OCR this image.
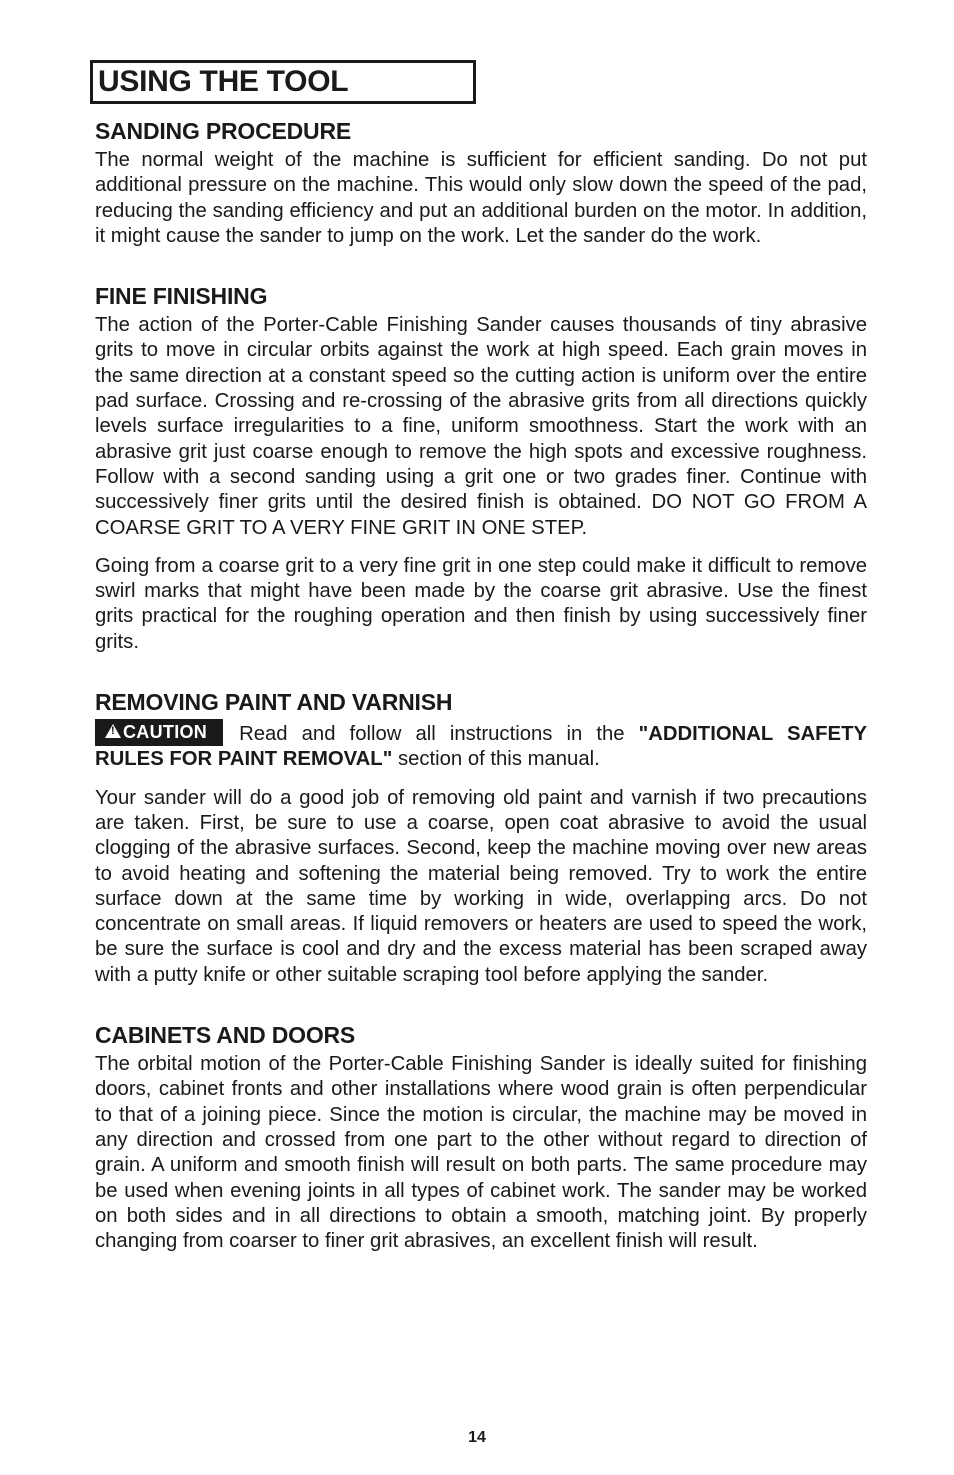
USING THE TOOL
SANDING PROCEDURE

The normal weight of the machine is sufficient for efficient sanding. Do not put additional pressure on the machine. This would only slow down the speed of the pad, reducing the sanding efficiency and put an additional burden on the motor. In addition, it might cause the sander to jump on the work. Let the sander do the work.

FINE FINISHING

The action of the Porter-Cable Finishing Sander causes thousands of tiny abrasive grits to move in circular orbits against the work at high speed. Each grain moves in the same direction at a constant speed so the cutting action is uniform over the entire pad surface. Crossing and re-crossing of the abrasive grits from all directions quickly levels surface irregularities to a fine, uniform smoothness. Start the work with an abrasive grit just coarse enough to remove the high spots and excessive roughness. Follow with a second sanding using a grit one or two grades finer. Continue with successively finer grits until the desired finish is obtained. DO NOT GO FROM A COARSE GRIT TO A VERY FINE GRIT IN ONE STEP.

Going from a coarse grit to a very fine grit in one step could make it difficult to remove swirl marks that might have been made by the coarse grit abrasive. Use the finest grits practical for the roughing operation and then finish by using successively finer grits.

REMOVING PAINT AND VARNISH

!CAUTION Read and follow all instructions in the "ADDITIONAL SAFETY RULES FOR PAINT REMOVAL" section of this manual.

Your sander will do a good job of removing old paint and varnish if two precautions are taken. First, be sure to use a coarse, open coat abrasive to avoid the usual clogging of the abrasive surfaces. Second, keep the machine moving over new areas to avoid heating and softening the material being removed. Try to work the entire surface down at the same time by working in wide, overlapping arcs. Do not concentrate on small areas. If liquid removers or heaters are used to speed the work, be sure the surface is cool and dry and the excess material has been scraped away with a putty knife or other suitable scraping tool before applying the sander.

CABINETS AND DOORS

The orbital motion of the Porter-Cable Finishing Sander is ideally suited for finishing doors, cabinet fronts and other installations where wood grain is often perpendicular to that of a joining piece. Since the motion is circular, the machine may be moved in any direction and crossed from one part to the other without regard to direction of grain. A uniform and smooth finish will result on both parts. The same procedure may be used when evening joints in all types of cabinet work. The sander may be worked on both sides and in all directions to obtain a smooth, matching joint. By properly changing from coarser to finer grit abrasives, an excellent finish will result.

14
